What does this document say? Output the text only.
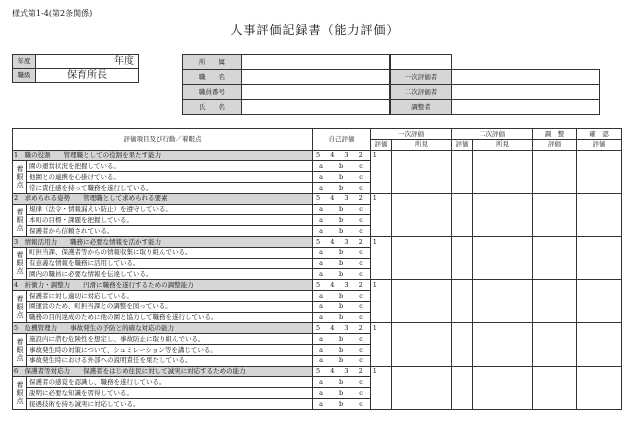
様式第1-4(第2条関係)
人事評価記録書（能力評価）
年度	年度
職級	保育所長
所　　属				
職　　名			一次評価者	
職員番号			二次評価者	
氏　　名			調整者	
評価項目及び行動／着眼点		自己評価	一次評価		二次評価		調　整	確　認
			評価	所見	評価	所見	評価	評価
1　職の役割　　管理職としての役割を果たす能力		5 4 3 2 1						
着眼点	園の運営状況を把握している。	a b c						
	他園との連携を心掛けている。	a b c						
	常に責任感を持って職務を遂行している。	a b c						
2　求められる姿勢　　管理職として求められる要素		5 4 3 2 1						
着眼点	規律（法令・情報漏えい防止）を遵守している。	a b c						
	本町の目標・課題を把握している。	a b c						
	保護者から信頼されている。	a b c						
3　情報活用力　　職務に必要な情報を活かす能力		5 4 3 2 1						
着眼点	町担当課、保護者等からの情報収集に取り組んでいる。	a b c						
	有意義な情報を職務に活用している。	a b c						
	園内の職員に必要な情報を伝達している。	a b c						
4　折衝力・調整力　　円滑に職務を遂行するための調整能力		5 4 3 2 1						
着眼点	保護者に対し適切に対応している。	a b c						
	園運営のため、町担当課との調整を図っている。	a b c						
	職務の目的達成のために他の園と協力して職務を遂行している。	a b c						
5　危機管理力　　事故発生の予防と的確な対応の能力		5 4 3 2 1						
着眼点	施設内に潜む危険性を想定し、事故防止に取り組んでいる。	a b c						
	事故発生時の対策について、シュミレーション等を講じている。	a b c						
	事故発生時における外部への説明責任を果たしている。	a b c						
6　保護者等対応力　　保護者をはじめ住民に対して誠実に対応するための能力		5 4 3 2 1						
着眼点	保護者の感覚を認識し、職務を遂行している。	a b c						
	説明に必要な知識を習得している。	a b c						
	接遇技術を持ち誠実に対応している。	a b c						
